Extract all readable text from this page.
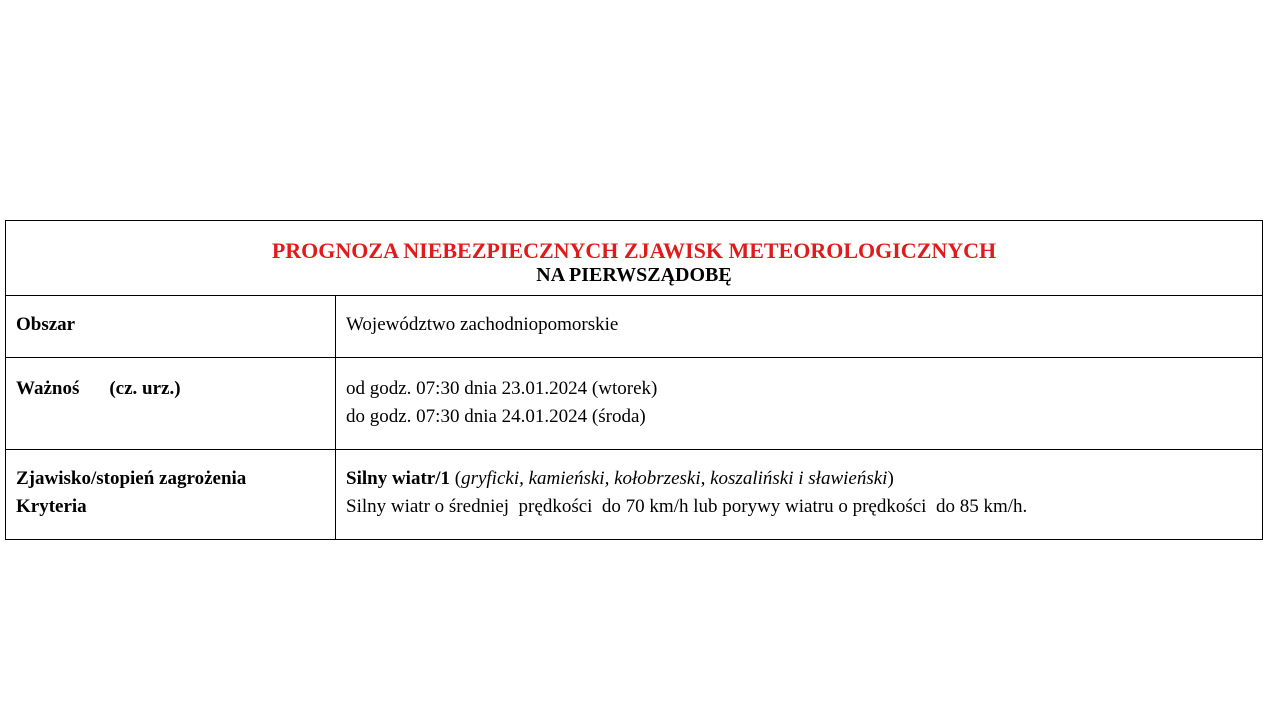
PROGNOZA NIEBEZPIECZNYCH ZJAWISK METEOROLOGICZNYCH
NA PIERWSZĄDOBĘ	

Obszar	Województwo zachodniopomorskie
Ważnoś (cz. urz.)	od godz. 07:30 dnia 23.01.2024 (wtorek)
do godz. 07:30 dnia 24.01.2024 (środa)

Zjawisko/stopień zagrożenia
Kryteria	Silny wiatr/1 (gryficki, kamieński, kołobrzeski, koszaliński i sławieński)
Silny wiatr o średniej  prędkości  do 70 km/h lub porywy wiatru o prędkości  do 85 km/h.
